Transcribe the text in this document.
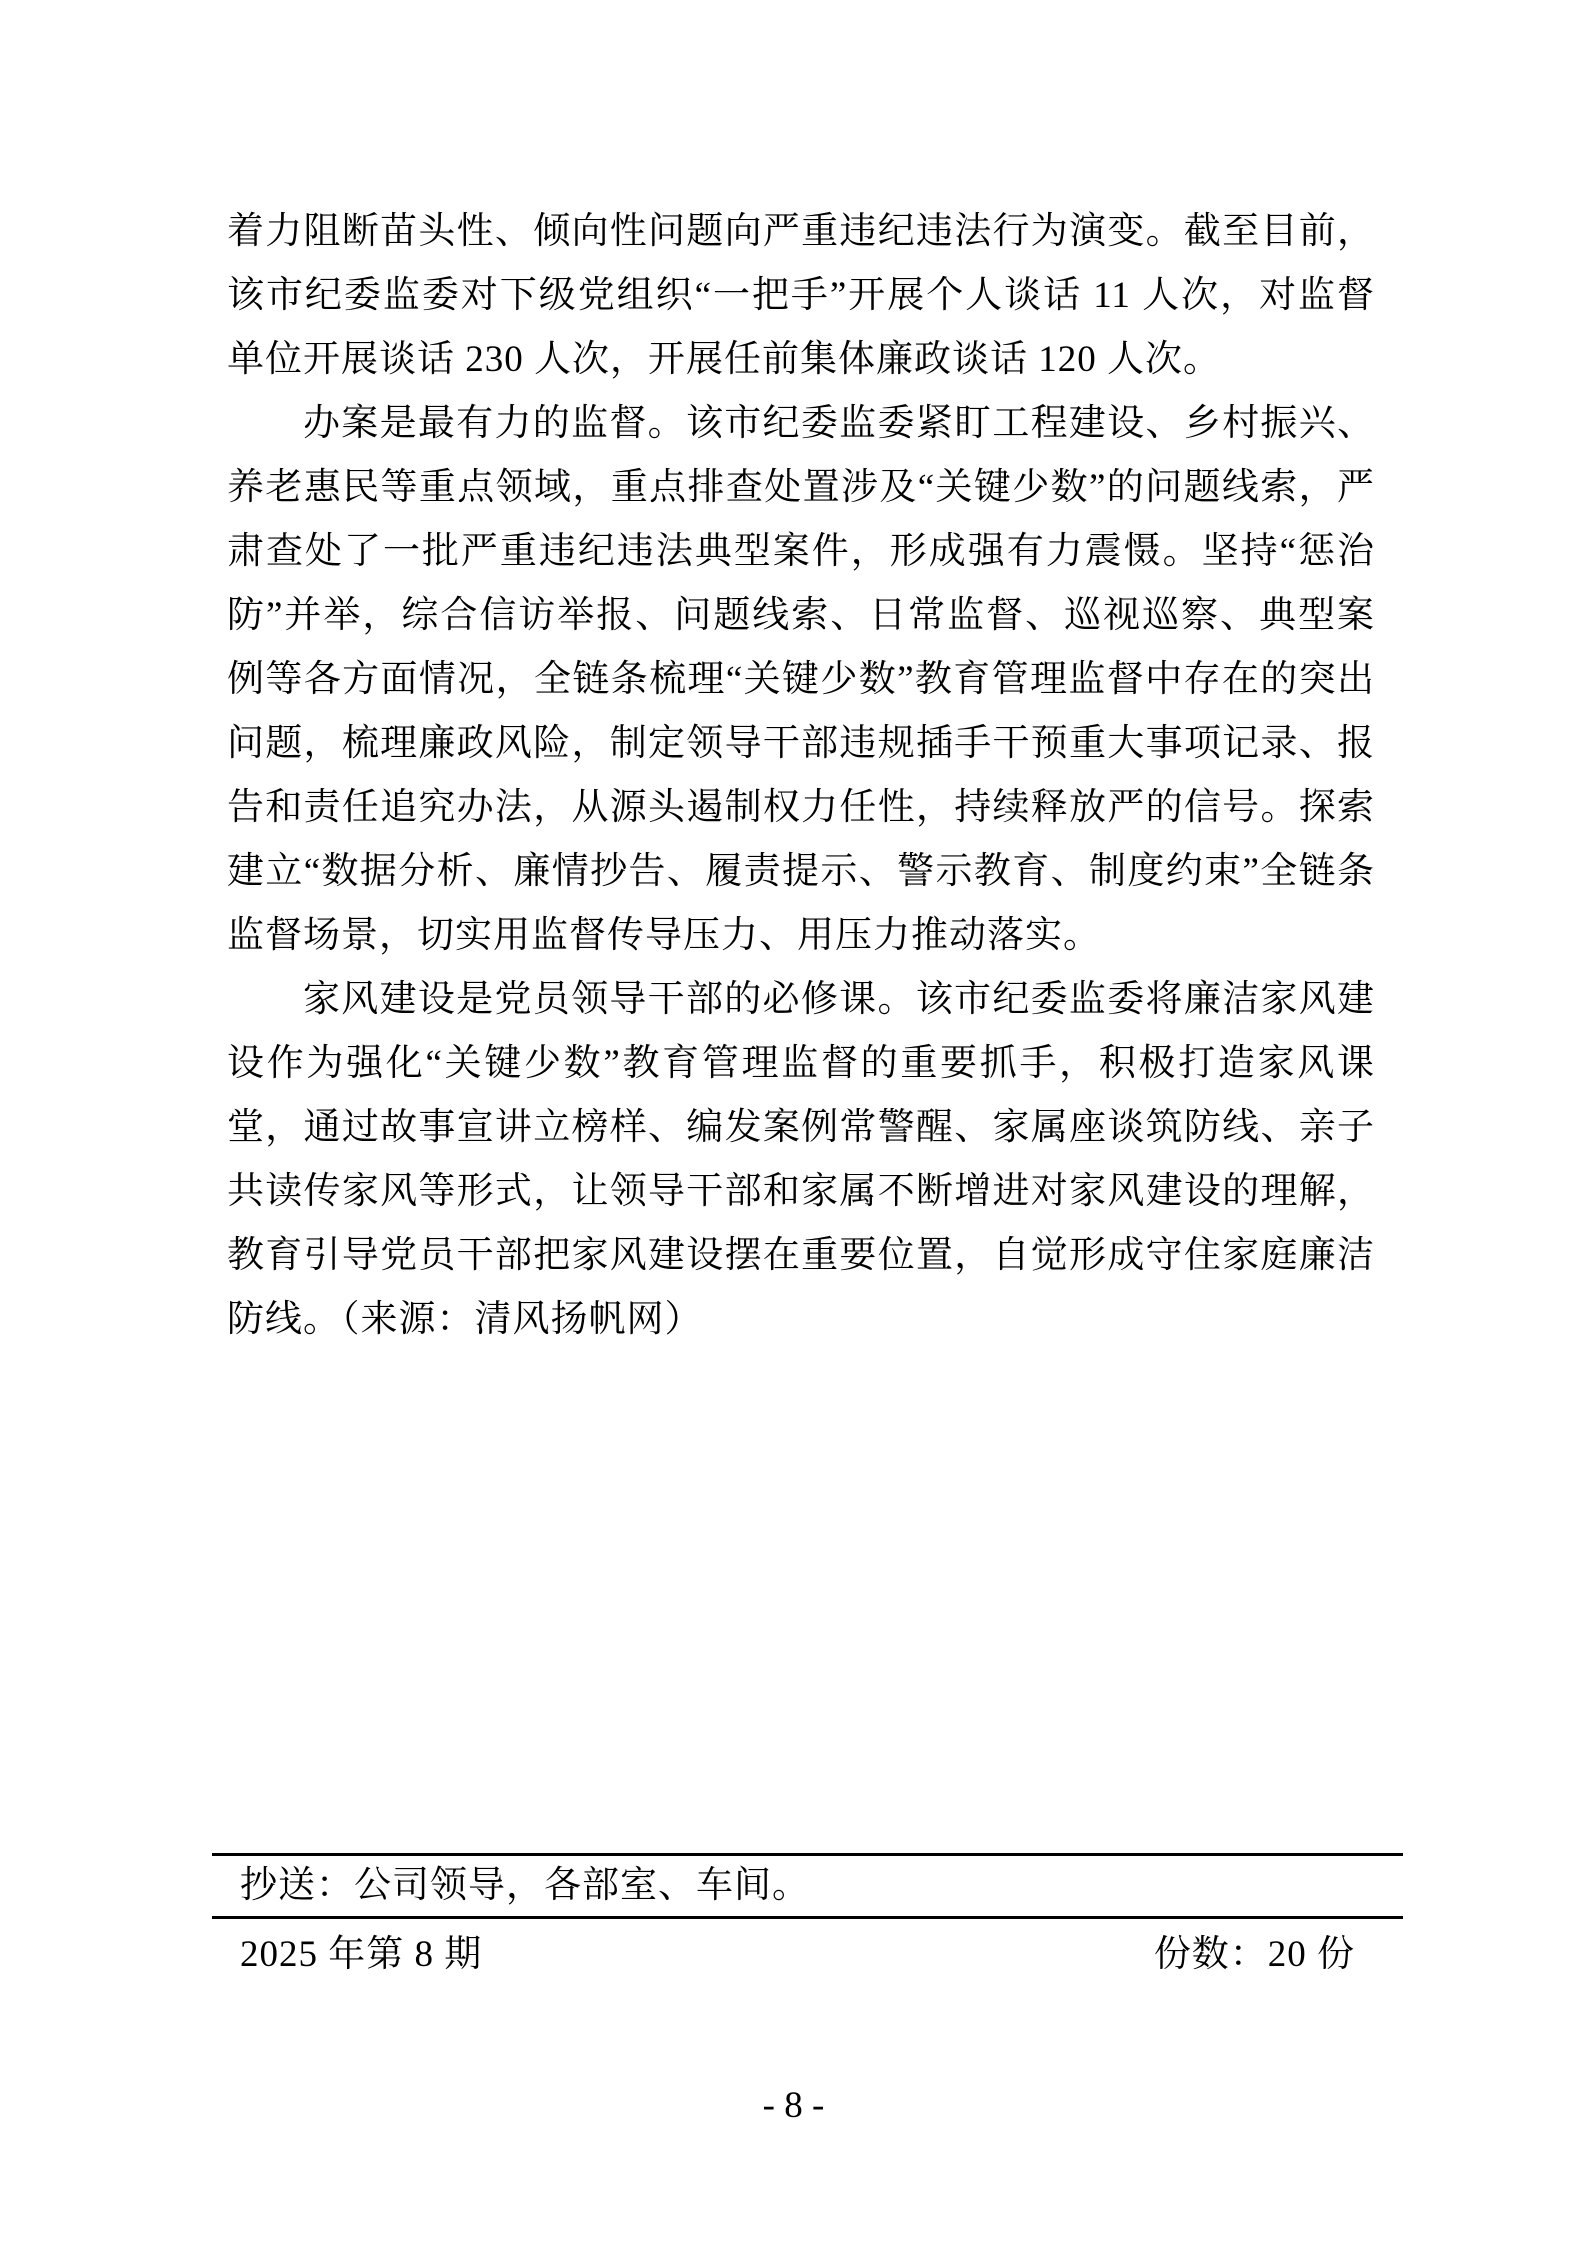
着力阻断苗头性、倾向性问题向严重违纪违法行为演变。截至目前，该市纪委监委对下级党组织“一把手”开展个人谈话 11 人次，对监督单位开展谈话 230 人次，开展任前集体廉政谈话 120 人次。

办案是最有力的监督。该市纪委监委紧盯工程建设、乡村振兴、养老惠民等重点领域，重点排查处置涉及“关键少数”的问题线索，严肃查处了一批严重违纪违法典型案件，形成强有力震慑。坚持“惩治防”并举，综合信访举报、问题线索、日常监督、巡视巡察、典型案例等各方面情况，全链条梳理“关键少数”教育管理监督中存在的突出问题，梳理廉政风险，制定领导干部违规插手干预重大事项记录、报告和责任追究办法，从源头遏制权力任性，持续释放严的信号。探索建立“数据分析、廉情抄告、履责提示、警示教育、制度约束”全链条监督场景，切实用监督传导压力、用压力推动落实。

家风建设是党员领导干部的必修课。该市纪委监委将廉洁家风建设作为强化“关键少数”教育管理监督的重要抓手，积极打造家风课堂，通过故事宣讲立榜样、编发案例常警醒、家属座谈筑防线、亲子共读传家风等形式，让领导干部和家属不断增进对家风建设的理解，教育引导党员干部把家风建设摆在重要位置，自觉形成守住家庭廉洁防线。（来源：清风扬帆网）

抄送：公司领导，各部室、车间。
2025 年第 8 期	份数：20 份
- 8 -
